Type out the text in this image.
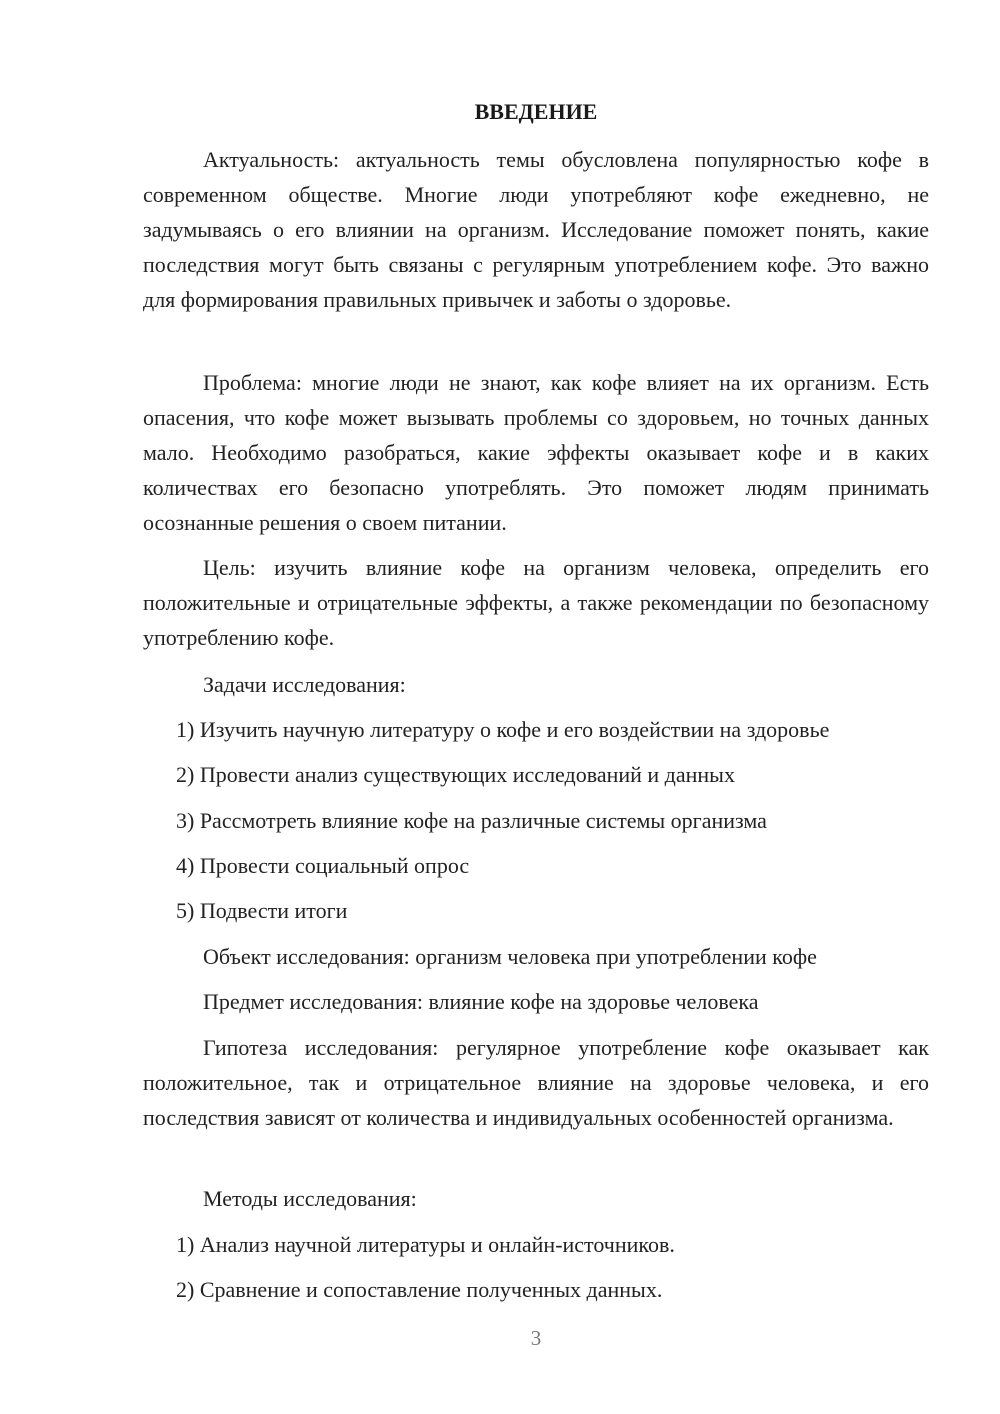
ВВЕДЕНИЕ

Актуальность: актуальность темы обусловлена популярностью кофе в современном обществе. Многие люди употребляют кофе ежедневно, не задумываясь о его влиянии на организм. Исследование поможет понять, какие последствия могут быть связаны с регулярным употреблением кофе. Это важно для формирования правильных привычек и заботы о здоровье.

Проблема: многие люди не знают, как кофе влияет на их организм. Есть опасения, что кофе может вызывать проблемы со здоровьем, но точных данных мало. Необходимо разобраться, какие эффекты оказывает кофе и в каких количествах его безопасно употреблять. Это поможет людям принимать осознанные решения о своем питании.

Цель: изучить влияние кофе на организм человека, определить его положительные и отрицательные эффекты, а также рекомендации по безопасному употреблению кофе.

Задачи исследования:
1) Изучить научную литературу о кофе и его воздействии на здоровье
2) Провести анализ существующих исследований и данных
3) Рассмотреть влияние кофе на различные системы организма
4) Провести социальный опрос
5) Подвести итоги
Объект исследования: организм человека при употреблении кофе
Предмет исследования: влияние кофе на здоровье человека

Гипотеза исследования: регулярное употребление кофе оказывает как положительное, так и отрицательное влияние на здоровье человека, и его последствия зависят от количества и индивидуальных особенностей организма.

Методы исследования:
1) Анализ научной литературы и онлайн-источников.
2) Сравнение и сопоставление полученных данных.
3
